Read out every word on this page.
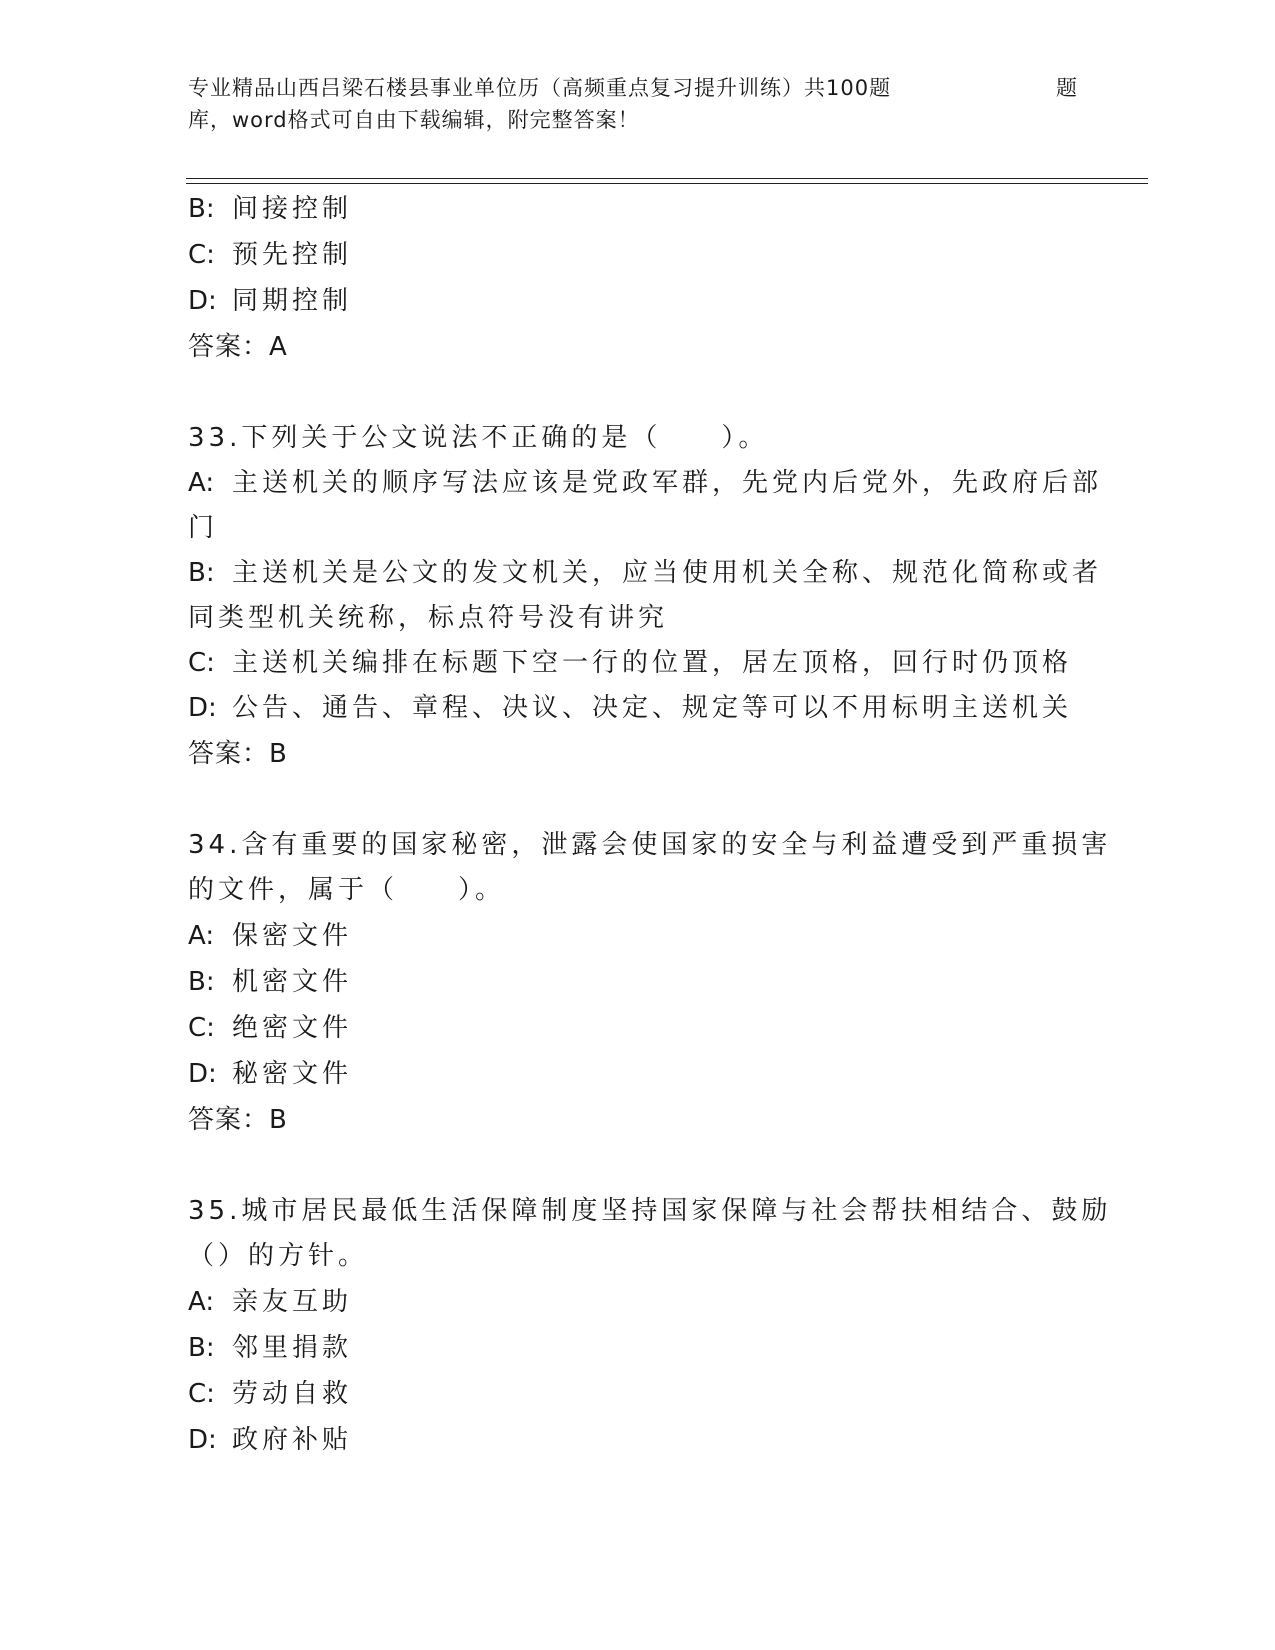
专业精品山西吕梁石楼县事业单位历（高频重点复习提升训练）共100题	题
库，word格式可自由下载编辑，附完整答案！
B: 间接控制
C: 预先控制
D: 同期控制
答案：A
33.下列关于公文说法不正确的是（　　）。
A: 主送机关的顺序写法应该是党政军群，先党内后党外，先政府后部
门
B: 主送机关是公文的发文机关，应当使用机关全称、规范化简称或者
同类型机关统称，标点符号没有讲究
C: 主送机关编排在标题下空一行的位置，居左顶格，回行时仍顶格
D: 公告、通告、章程、决议、决定、规定等可以不用标明主送机关
答案：B
34.含有重要的国家秘密，泄露会使国家的安全与利益遭受到严重损害
的文件，属于（　　）。
A: 保密文件
B: 机密文件
C: 绝密文件
D: 秘密文件
答案：B
35.城市居民最低生活保障制度坚持国家保障与社会帮扶相结合、鼓励
（）的方针。
A: 亲友互助
B: 邻里捐款
C: 劳动自救
D: 政府补贴
